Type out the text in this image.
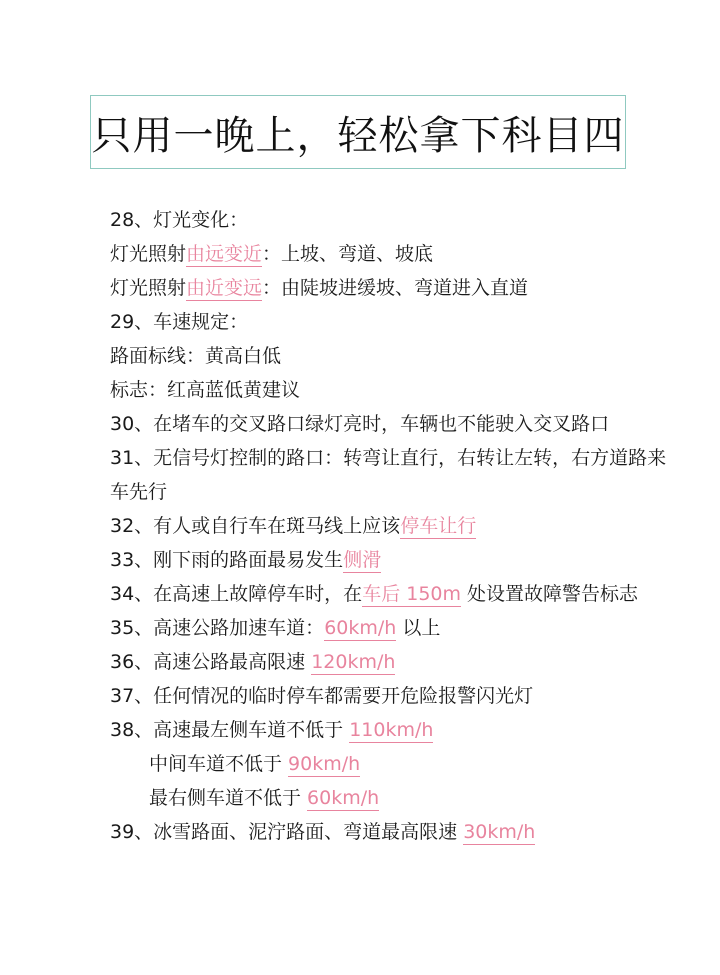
只用一晚上，轻松拿下科目四
28、灯光变化：
灯光照射由远变近：上坡、弯道、坡底
灯光照射由近变远：由陡坡进缓坡、弯道进入直道
29、车速规定：
路面标线：黄高白低
标志：红高蓝低黄建议
30、在堵车的交叉路口绿灯亮时，车辆也不能驶入交叉路口
31、无信号灯控制的路口：转弯让直行，右转让左转，右方道路来车先行
32、有人或自行车在斑马线上应该停车让行
33、刚下雨的路面最易发生侧滑
34、在高速上故障停车时，在车后 150m 处设置故障警告标志
35、高速公路加速车道：60km/h 以上
36、高速公路最高限速 120km/h
37、任何情况的临时停车都需要开危险报警闪光灯
38、高速最左侧车道不低于 110km/h
中间车道不低于 90km/h
最右侧车道不低于 60km/h
39、冰雪路面、泥泞路面、弯道最高限速 30km/h
